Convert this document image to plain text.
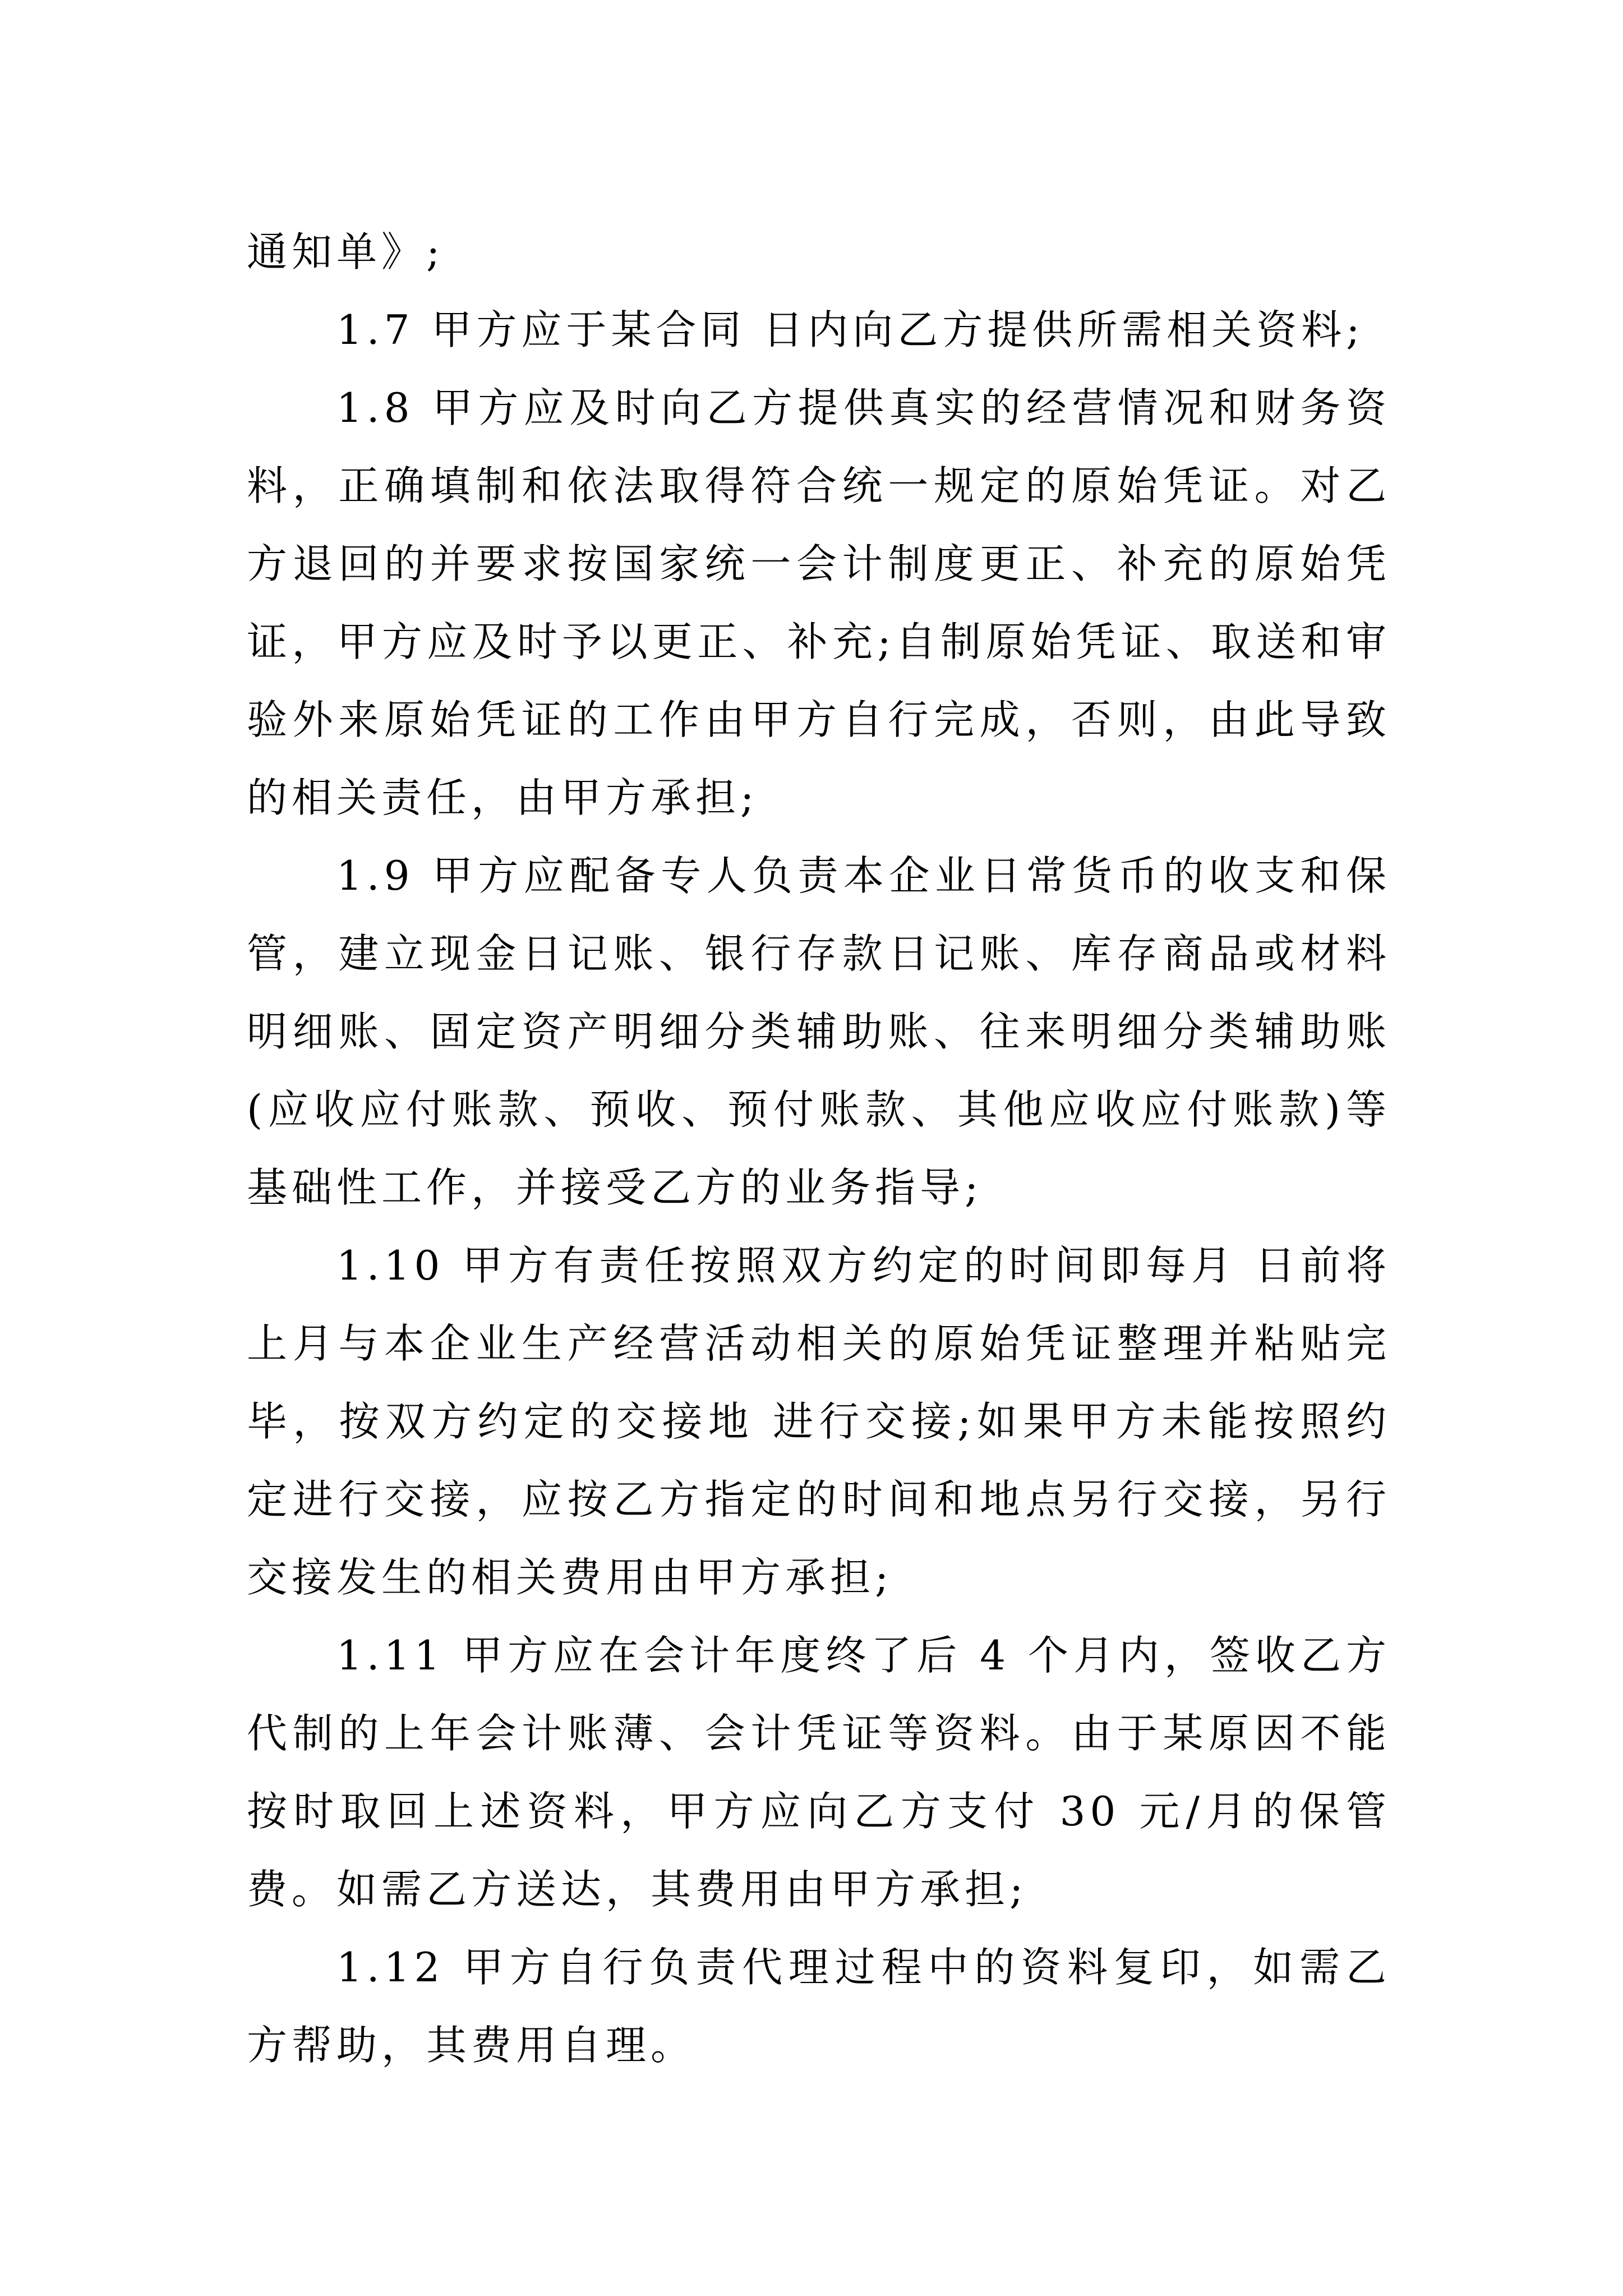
通知单》;

1.7 甲方应于某合同 日内向乙方提供所需相关资料;

1.8 甲方应及时向乙方提供真实的经营情况和财务资料，正确填制和依法取得符合统一规定的原始凭证。对乙方退回的并要求按国家统一会计制度更正、补充的原始凭证，甲方应及时予以更正、补充;自制原始凭证、取送和审验外来原始凭证的工作由甲方自行完成，否则，由此导致的相关责任，由甲方承担;

1.9 甲方应配备专人负责本企业日常货币的收支和保管，建立现金日记账、银行存款日记账、库存商品或材料明细账、固定资产明细分类辅助账、往来明细分类辅助账(应收应付账款、预收、预付账款、其他应收应付账款)等基础性工作，并接受乙方的业务指导;

1.10 甲方有责任按照双方约定的时间即每月 日前将上月与本企业生产经营活动相关的原始凭证整理并粘贴完毕，按双方约定的交接地 进行交接;如果甲方未能按照约定进行交接，应按乙方指定的时间和地点另行交接，另行交接发生的相关费用由甲方承担;

1.11 甲方应在会计年度终了后 4 个月内，签收乙方代制的上年会计账薄、会计凭证等资料。由于某原因不能按时取回上述资料，甲方应向乙方支付 30 元/月的保管费。如需乙方送达，其费用由甲方承担;

1.12 甲方自行负责代理过程中的资料复印，如需乙方帮助，其费用自理。
